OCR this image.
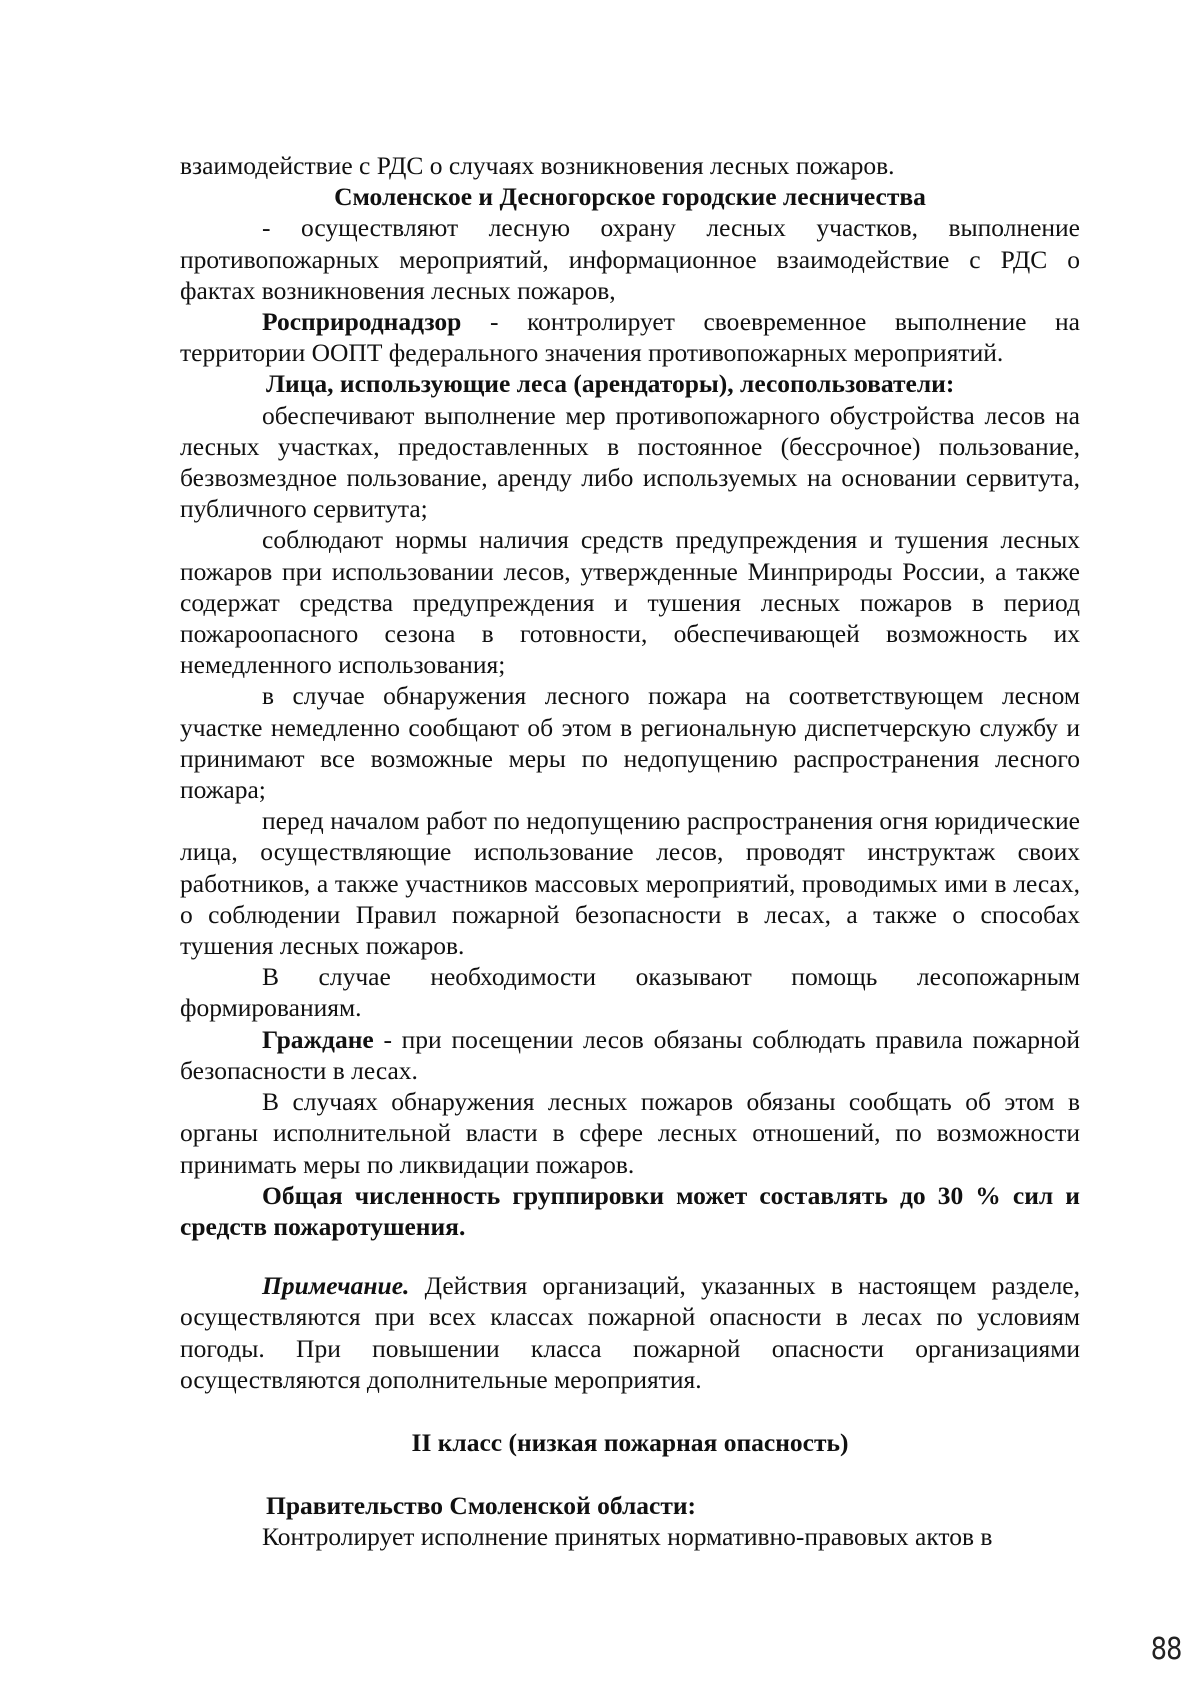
взаимодействие с РДС о случаях возникновения лесных пожаров.

Смоленское и Десногорское городские лесничества

- осуществляют лесную охрану лесных участков, выполнение противопожарных мероприятий, информационное взаимодействие с РДС о фактах возникновения лесных пожаров,

Росприроднадзор - контролирует своевременное выполнение на территории ООПТ федерального значения противопожарных мероприятий.

Лица, использующие леса (арендаторы), лесопользователи:

обеспечивают выполнение мер противопожарного обустройства лесов на лесных участках, предоставленных в постоянное (бессрочное) пользование, безвозмездное пользование, аренду либо используемых на основании сервитута, публичного сервитута;

соблюдают нормы наличия средств предупреждения и тушения лесных пожаров при использовании лесов, утвержденные Минприроды России, а также содержат средства предупреждения и тушения лесных пожаров в период пожароопасного сезона в готовности, обеспечивающей возможность их немедленного использования;

в случае обнаружения лесного пожара на соответствующем лесном участке немедленно сообщают об этом в региональную диспетчерскую службу и принимают все возможные меры по недопущению распространения лесного пожара;

перед началом работ по недопущению распространения огня юридические лица, осуществляющие использование лесов, проводят инструктаж своих работников, а также участников массовых мероприятий, проводимых ими в лесах, о соблюдении Правил пожарной безопасности в лесах, а также о способах тушения лесных пожаров.

В случае необходимости оказывают помощь лесопожарным формированиям.

Граждане - при посещении лесов обязаны соблюдать правила пожарной безопасности в лесах.

В случаях обнаружения лесных пожаров обязаны сообщать об этом в органы исполнительной власти в сфере лесных отношений, по возможности принимать меры по ликвидации пожаров.

Общая численность группировки может составлять до 30 % сил и средств пожаротушения.

Примечание. Действия организаций, указанных в настоящем разделе, осуществляются при всех классах пожарной опасности в лесах по условиям погоды. При повышении класса пожарной опасности организациями осуществляются дополнительные мероприятия.

II класс (низкая пожарная опасность)

Правительство Смоленской области:

Контролирует исполнение принятых нормативно-правовых актов в

88
